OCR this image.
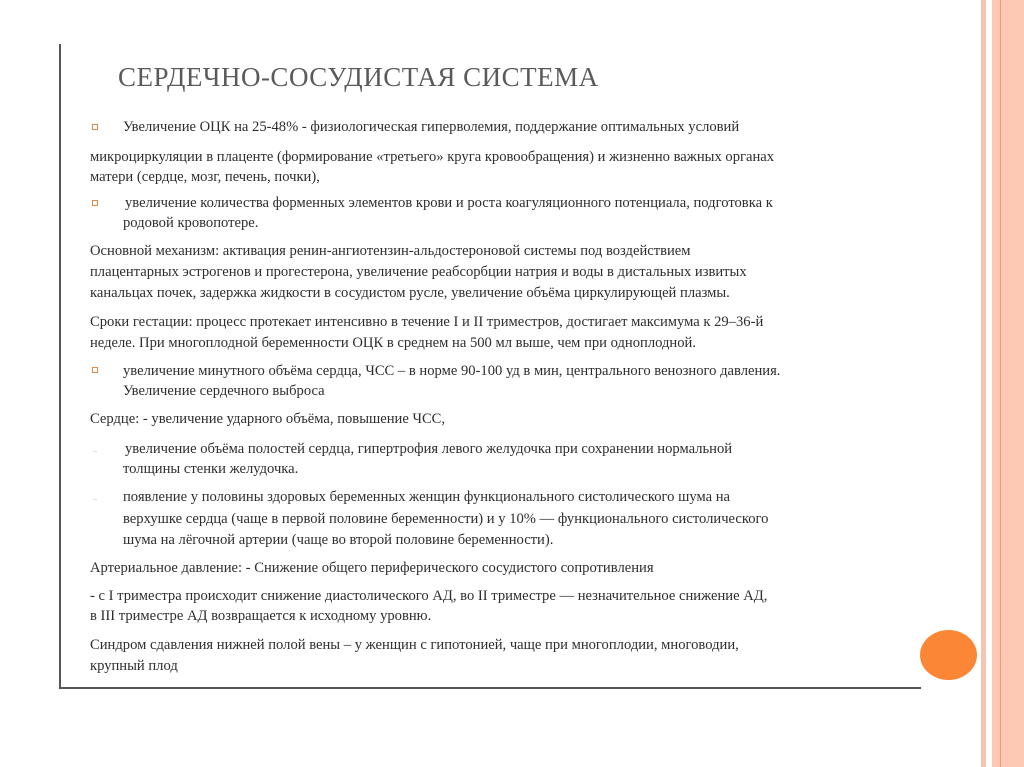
СЕРДЕЧНО-СОСУДИСТАЯ СИСТЕМА
Увеличение ОЦК на 25-48% - физиологическая гиперволемия, поддержание оптимальных условий
микроциркуляции в плаценте (формирование «третьего» круга кровообращения) и жизненно важных органах
матери (сердце, мозг, печень, почки),
увеличение количества форменных элементов крови и роста коагуляционного потенциала, подготовка к
родовой кровопотере.
Основной механизм: активация ренин-ангиотензин-альдостероновой системы под воздействием
плацентарных эстрогенов и прогестерона, увеличение реабсорбции натрия и воды в дистальных извитых
канальцах почек, задержка жидкости в сосудистом русле, увеличение объёма циркулирующей плазмы.
Сроки гестации: процесс протекает интенсивно в течение I и II триместров, достигает максимума к 29–36-й
неделе. При многоплодной беременности ОЦК в среднем на 500 мл выше, чем при одноплодной.
увеличение минутного объёма сердца, ЧСС – в норме 90-100 уд в мин, центрального венозного давления.
Увеличение сердечного выброса
Сердце: - увеличение ударного объёма, повышение ЧСС,
увеличение объёма полостей сердца, гипертрофия левого желудочка при сохранении нормальной
толщины стенки желудочка.
появление у половины здоровых беременных женщин функционального систолического шума на
верхушке сердца (чаще в первой половине беременности) и у 10% — функционального систолического
шума на лёгочной артерии (чаще во второй половине беременности).
Артериальное давление: - Снижение общего периферического сосудистого сопротивления
- с I триместра происходит снижение диастолического АД, во II триместре — незначительное снижение АД,
в III триместре АД возвращается к исходному уровню.
Синдром сдавления нижней полой вены – у женщин с гипотонией, чаще при многоплодии, многоводии,
крупный плод
